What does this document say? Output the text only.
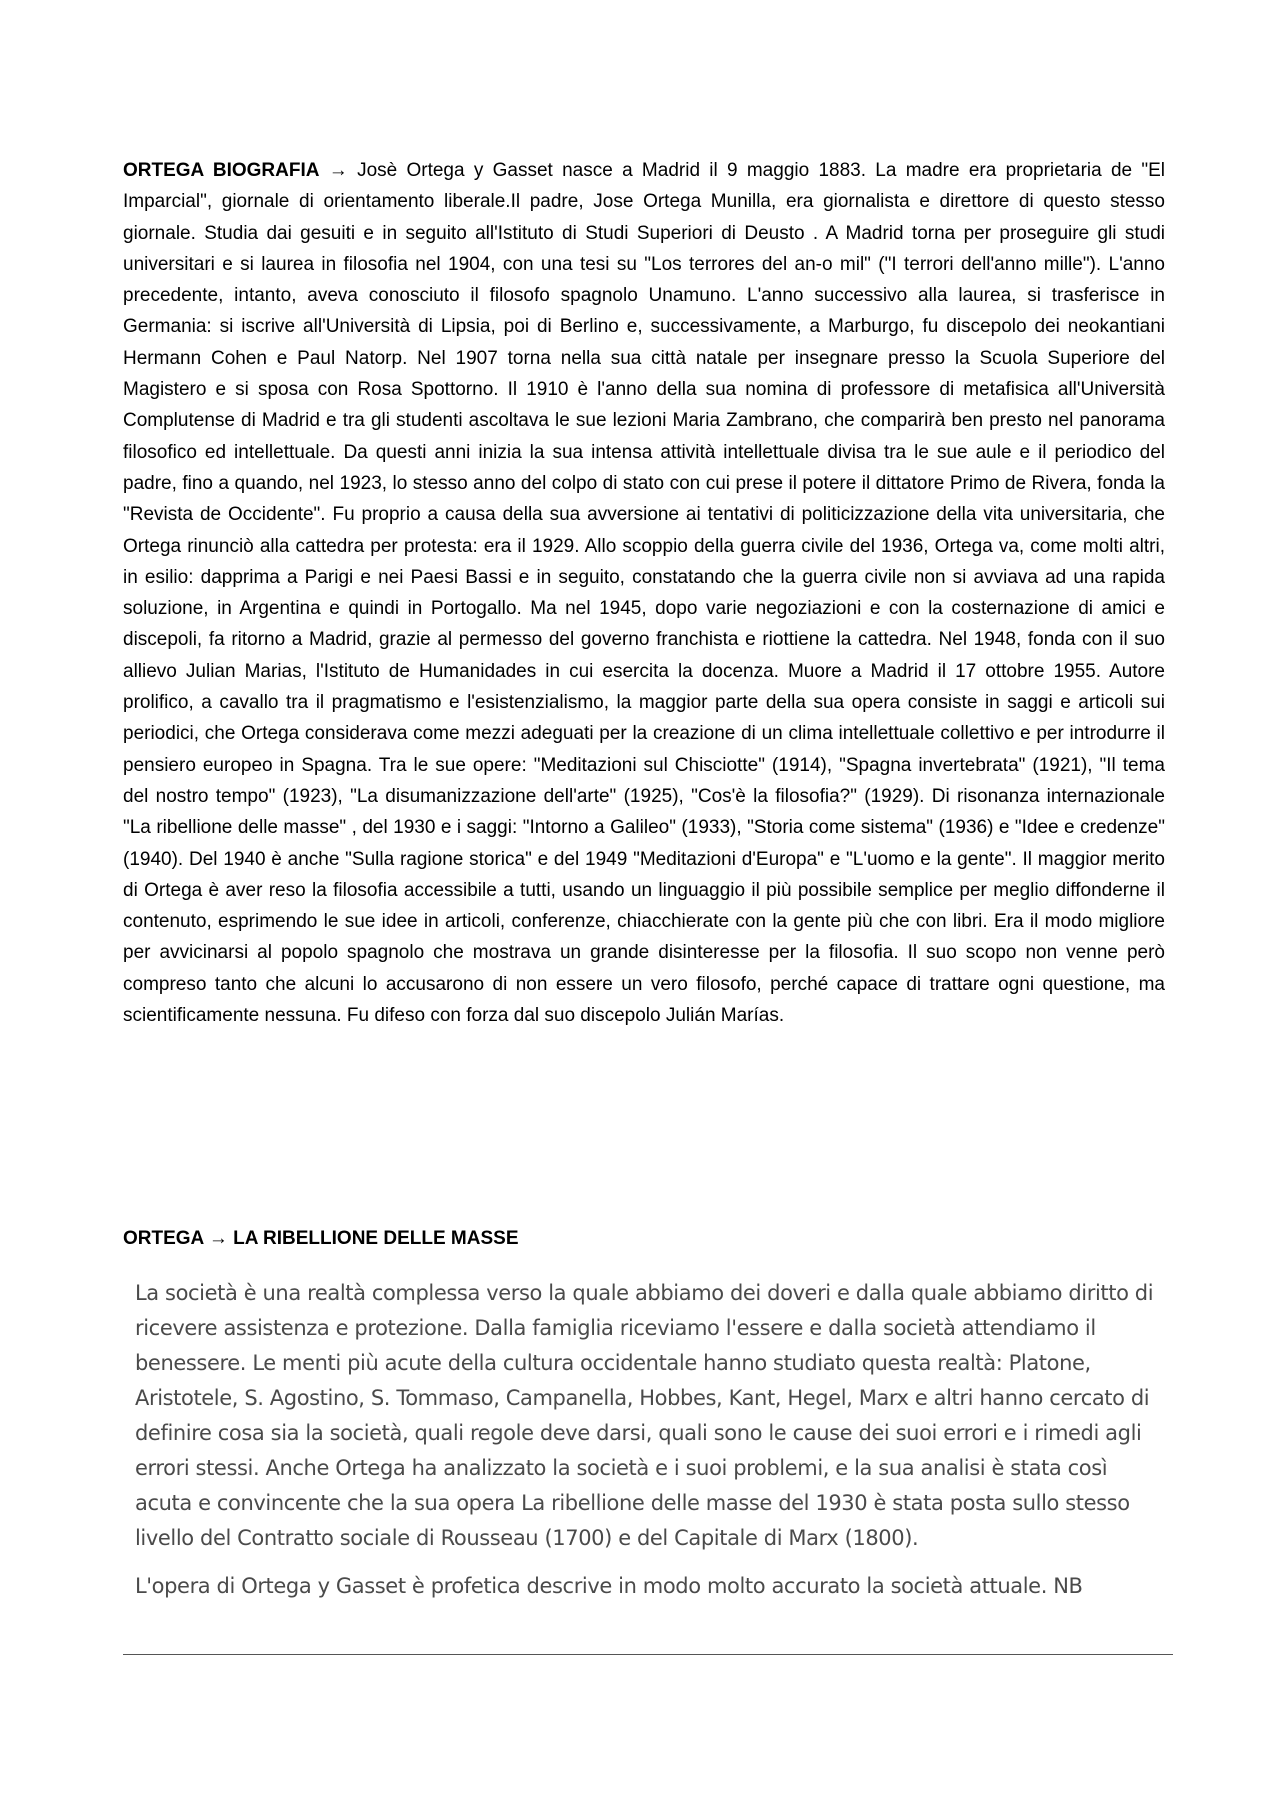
ORTEGA BIOGRAFIA → Josè Ortega y Gasset nasce a Madrid il 9 maggio 1883. La madre era proprietaria de "El Imparcial", giornale di orientamento liberale.Il padre, Jose Ortega Munilla, era giornalista e direttore di questo stesso giornale. Studia dai gesuiti e in seguito all'Istituto di Studi Superiori di Deusto . A Madrid torna per proseguire gli studi universitari e si laurea in filosofia nel 1904, con una tesi su "Los terrores del an-o mil" ("I terrori dell'anno mille"). L'anno precedente, intanto, aveva conosciuto il filosofo spagnolo Unamuno. L'anno successivo alla laurea, si trasferisce in Germania: si iscrive all'Università di Lipsia, poi di Berlino e, successivamente, a Marburgo, fu discepolo dei neokantiani Hermann Cohen e Paul Natorp. Nel 1907 torna nella sua città natale per insegnare presso la Scuola Superiore del Magistero e si sposa con Rosa Spottorno. Il 1910 è l'anno della sua nomina di professore di metafisica all'Università Complutense di Madrid e tra gli studenti ascoltava le sue lezioni Maria Zambrano, che comparirà ben presto nel panorama filosofico ed intellettuale. Da questi anni inizia la sua intensa attività intellettuale divisa tra le sue aule e il periodico del padre, fino a quando, nel 1923, lo stesso anno del colpo di stato con cui prese il potere il dittatore Primo de Rivera, fonda la "Revista de Occidente". Fu proprio a causa della sua avversione ai tentativi di politicizzazione della vita universitaria, che Ortega rinunciò alla cattedra per protesta: era il 1929. Allo scoppio della guerra civile del 1936, Ortega va, come molti altri, in esilio: dapprima a Parigi e nei Paesi Bassi e in seguito, constatando che la guerra civile non si avviava ad una rapida soluzione, in Argentina e quindi in Portogallo. Ma nel 1945, dopo varie negoziazioni e con la costernazione di amici e discepoli, fa ritorno a Madrid, grazie al permesso del governo franchista e riottiene la cattedra. Nel 1948, fonda con il suo allievo Julian Marias, l'Istituto de Humanidades in cui esercita la docenza. Muore a Madrid il 17 ottobre 1955. Autore prolifico, a cavallo tra il pragmatismo e l'esistenzialismo, la maggior parte della sua opera consiste in saggi e articoli sui periodici, che Ortega considerava come mezzi adeguati per la creazione di un clima intellettuale collettivo e per introdurre il pensiero europeo in Spagna. Tra le sue opere: "Meditazioni sul Chisciotte" (1914), "Spagna invertebrata" (1921), "Il tema del nostro tempo" (1923), "La disumanizzazione dell'arte" (1925), "Cos'è la filosofia?" (1929). Di risonanza internazionale "La ribellione delle masse" , del 1930 e i saggi: "Intorno a Galileo" (1933), "Storia come sistema" (1936) e "Idee e credenze" (1940). Del 1940 è anche "Sulla ragione storica" e del 1949 "Meditazioni d'Europa" e "L'uomo e la gente". Il maggior merito di Ortega è aver reso la filosofia accessibile a tutti, usando un linguaggio il più possibile semplice per meglio diffonderne il contenuto, esprimendo le sue idee in articoli, conferenze, chiacchierate con la gente più che con libri. Era il modo migliore per avvicinarsi al popolo spagnolo che mostrava un grande disinteresse per la filosofia. Il suo scopo non venne però compreso tanto che alcuni lo accusarono di non essere un vero filosofo, perché capace di trattare ogni questione, ma scientificamente nessuna. Fu difeso con forza dal suo discepolo Julián Marías.

ORTEGA → LA RIBELLIONE DELLE MASSE

La società è una realtà complessa verso la quale abbiamo dei doveri e dalla quale abbiamo diritto di ricevere assistenza e protezione. Dalla famiglia riceviamo l'essere e dalla società attendiamo il benessere. Le menti più acute della cultura occidentale hanno studiato questa realtà: Platone, Aristotele, S. Agostino, S. Tommaso, Campanella, Hobbes, Kant, Hegel, Marx e altri hanno cercato di definire cosa sia la società, quali regole deve darsi, quali sono le cause dei suoi errori e i rimedi agli errori stessi. Anche Ortega ha analizzato la società e i suoi problemi, e la sua analisi è stata così acuta e convincente che la sua opera La ribellione delle masse del 1930 è stata posta sullo stesso livello del Contratto sociale di Rousseau (1700) e del Capitale di Marx (1800).

L'opera di Ortega y Gasset è profetica descrive in modo molto accurato la società attuale. NB
